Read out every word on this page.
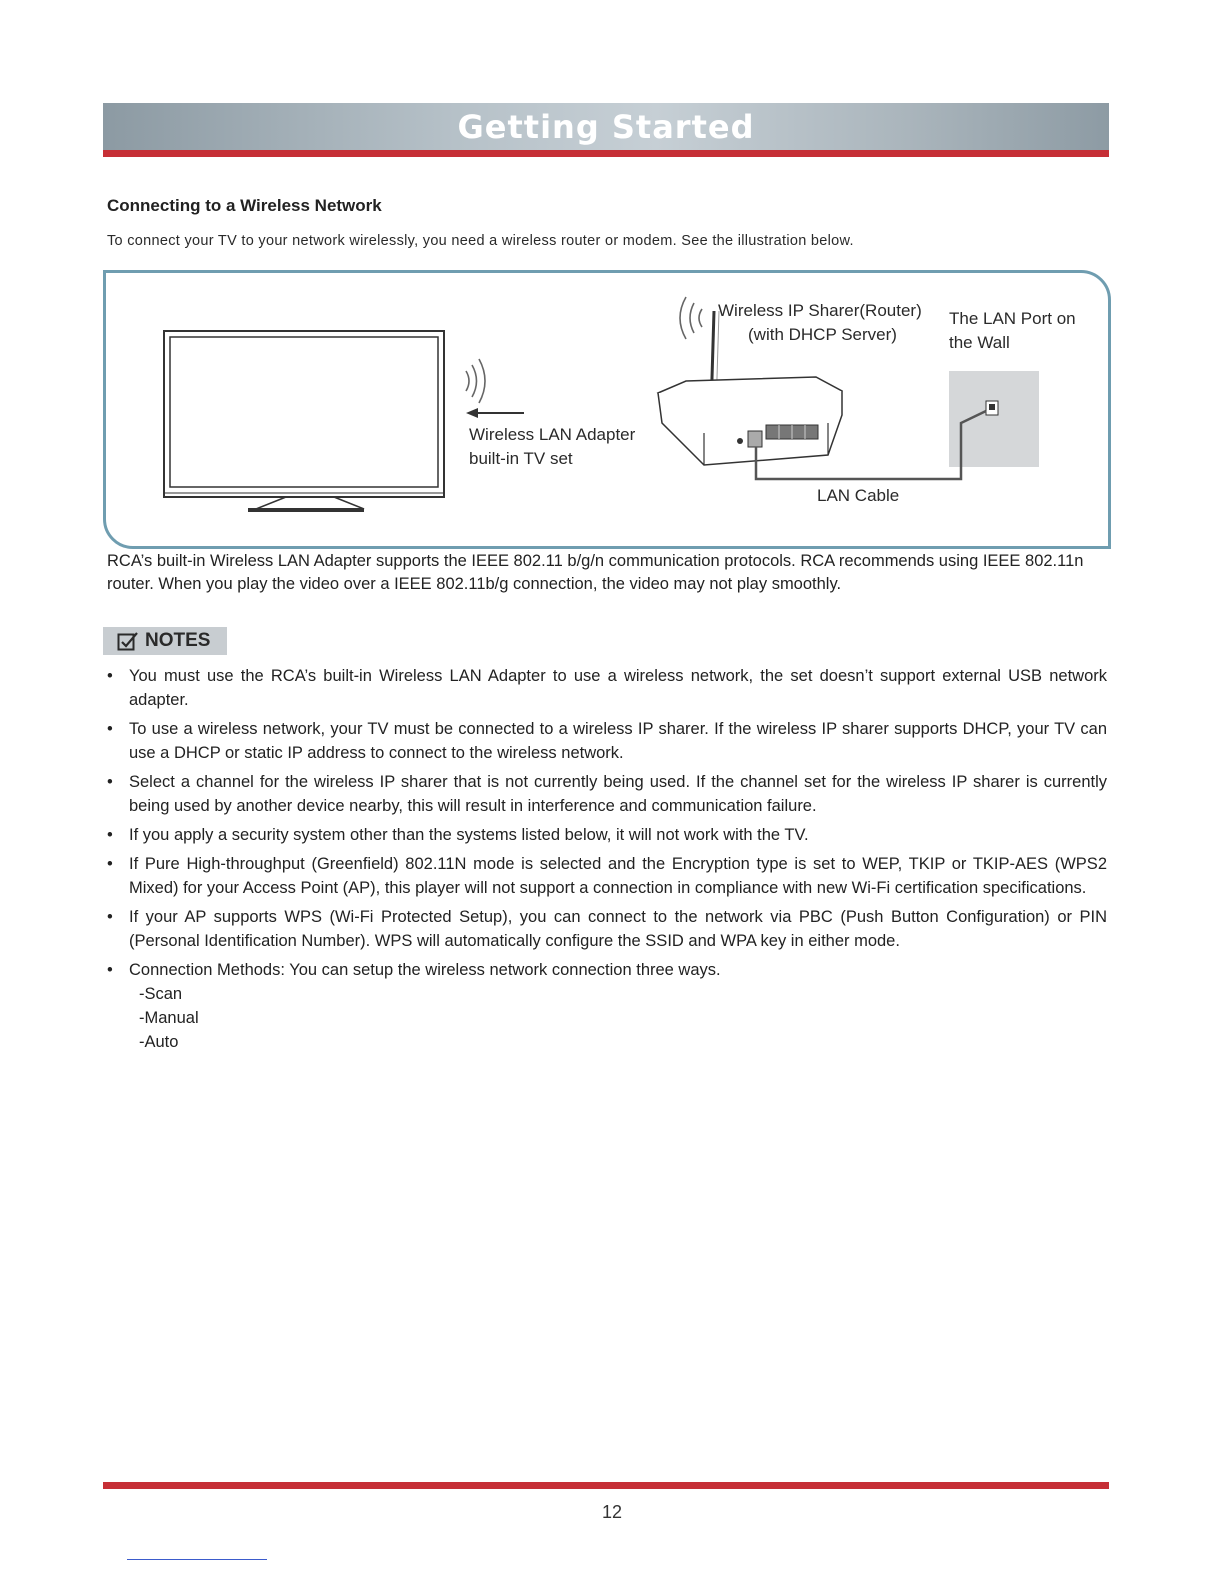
Getting Started
Connecting to a Wireless Network
To connect your TV to your network wirelessly, you need a wireless router or modem. See the illustration below.
Wireless IP Sharer(Router)
(with DHCP Server)
The LAN Port on
the Wall
Wireless LAN Adapter
built-in TV set
LAN Cable
RCA’s built-in Wireless LAN Adapter supports the IEEE 802.11 b/g/n communication protocols. RCA recommends using IEEE 802.11n router. When you play the video over a IEEE 802.11b/g connection, the video may not play smoothly.
NOTES
• You must use the RCA’s built-in Wireless LAN Adapter to use a wireless network, the set doesn’t support external USB network adapter.
• To use a wireless network, your TV must be connected to a wireless IP sharer. If the wireless IP sharer supports DHCP, your TV can use a DHCP or static IP address to connect to the wireless network.
• Select a channel for the wireless IP sharer that is not currently being used. If the channel set for the wireless IP sharer is currently being used by another device nearby, this will result in interference and communication failure.
• If you apply a security system other than the systems listed below, it will not work with the TV.
• If Pure High-throughput (Greenfield) 802.11N mode is selected and the Encryption type is set to WEP, TKIP or TKIP-AES (WPS2 Mixed) for your Access Point (AP), this player will not support a connection in compliance with new Wi-Fi certification specifications.
• If your AP supports WPS (Wi-Fi Protected Setup), you can connect to the network via PBC (Push Button Configuration) or PIN (Personal Identification Number). WPS will automatically configure the SSID and WPA key in either mode.
• Connection Methods: You can setup the wireless network connection three ways.
-Scan
-Manual
-Auto
12
